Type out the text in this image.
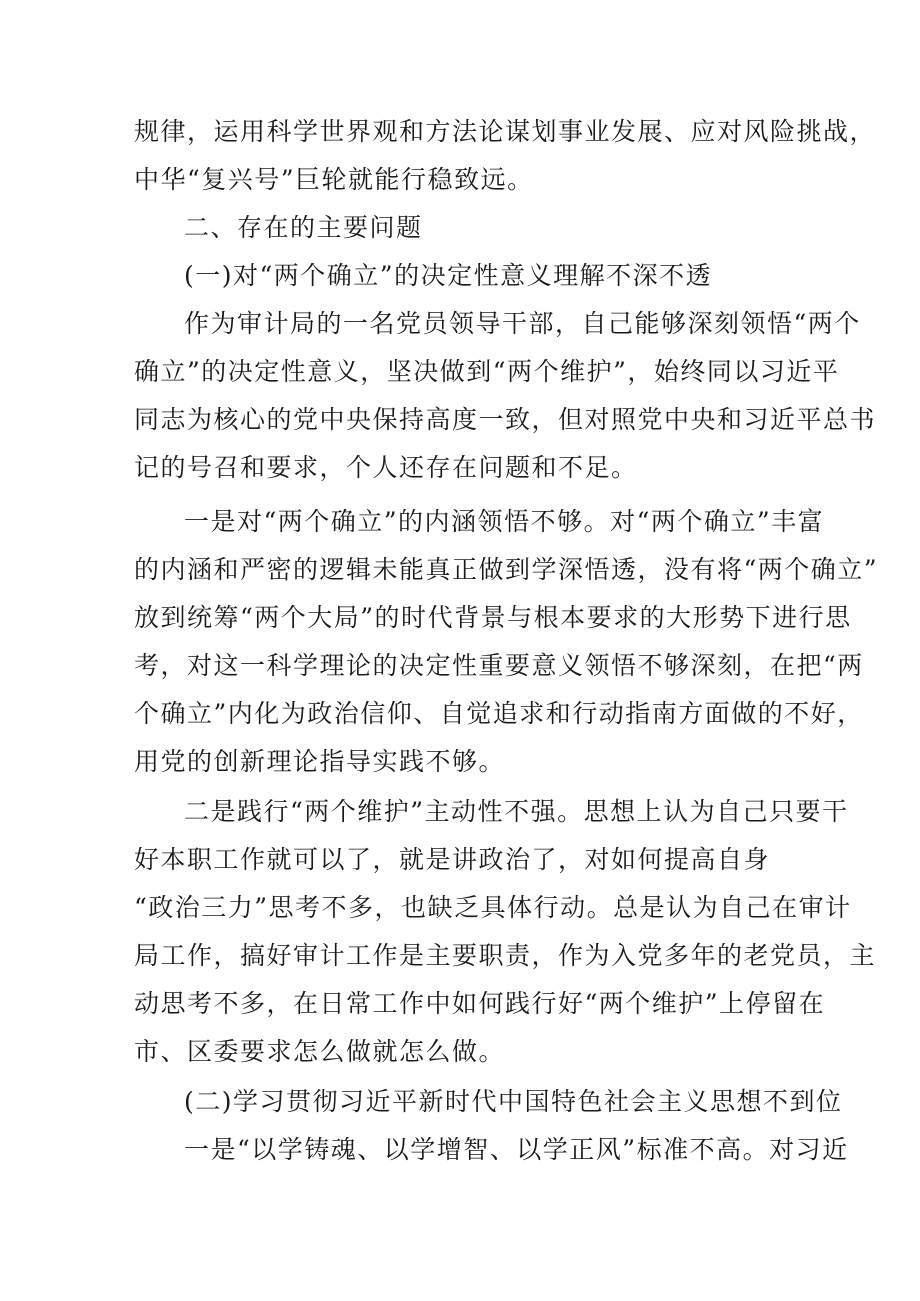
规律，运用科学世界观和方法论谋划事业发展、应对风险挑战，
中华“复兴号”巨轮就能行稳致远。
二、存在的主要问题
(一)对“两个确立”的决定性意义理解不深不透
作为审计局的一名党员领导干部，自己能够深刻领悟“两个
确立”的决定性意义，坚决做到“两个维护”，始终同以习近平
同志为核心的党中央保持高度一致，但对照党中央和习近平总书
记的号召和要求，个人还存在问题和不足。
一是对“两个确立”的内涵领悟不够。对“两个确立”丰富
的内涵和严密的逻辑未能真正做到学深悟透，没有将“两个确立”
放到统筹“两个大局”的时代背景与根本要求的大形势下进行思
考，对这一科学理论的决定性重要意义领悟不够深刻，在把“两
个确立”内化为政治信仰、自觉追求和行动指南方面做的不好，
用党的创新理论指导实践不够。
二是践行“两个维护”主动性不强。思想上认为自己只要干
好本职工作就可以了，就是讲政治了，对如何提高自身
“政治三力”思考不多，也缺乏具体行动。总是认为自己在审计
局工作，搞好审计工作是主要职责，作为入党多年的老党员，主
动思考不多，在日常工作中如何践行好“两个维护”上停留在
市、区委要求怎么做就怎么做。
(二)学习贯彻习近平新时代中国特色社会主义思想不到位
一是“以学铸魂、以学增智、以学正风”标准不高。对习近
